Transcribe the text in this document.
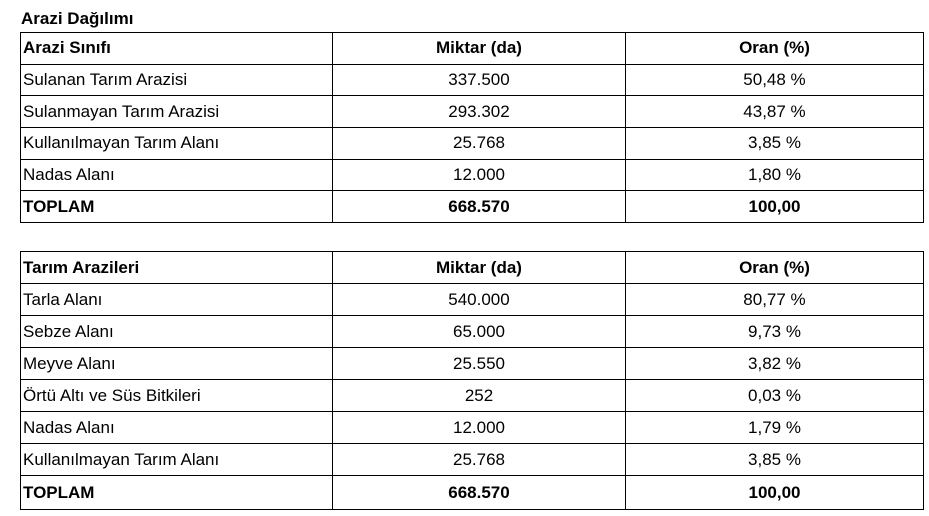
Arazi Dağılımı
Arazi Sınıfı	Miktar (da)	Oran (%)
Sulanan Tarım Arazisi	337.500	50,48 %
Sulanmayan Tarım Arazisi	293.302	43,87 %
Kullanılmayan Tarım Alanı	25.768	3,85 %
Nadas Alanı	12.000	1,80 %
TOPLAM	668.570	100,00
Tarım Arazileri	Miktar (da)	Oran (%)
Tarla Alanı	540.000	80,77 %
Sebze Alanı	65.000	9,73 %
Meyve Alanı	25.550	3,82 %
Örtü Altı ve Süs Bitkileri	252	0,03 %
Nadas Alanı	12.000	1,79 %
Kullanılmayan Tarım Alanı	25.768	3,85 %
TOPLAM	668.570	100,00
